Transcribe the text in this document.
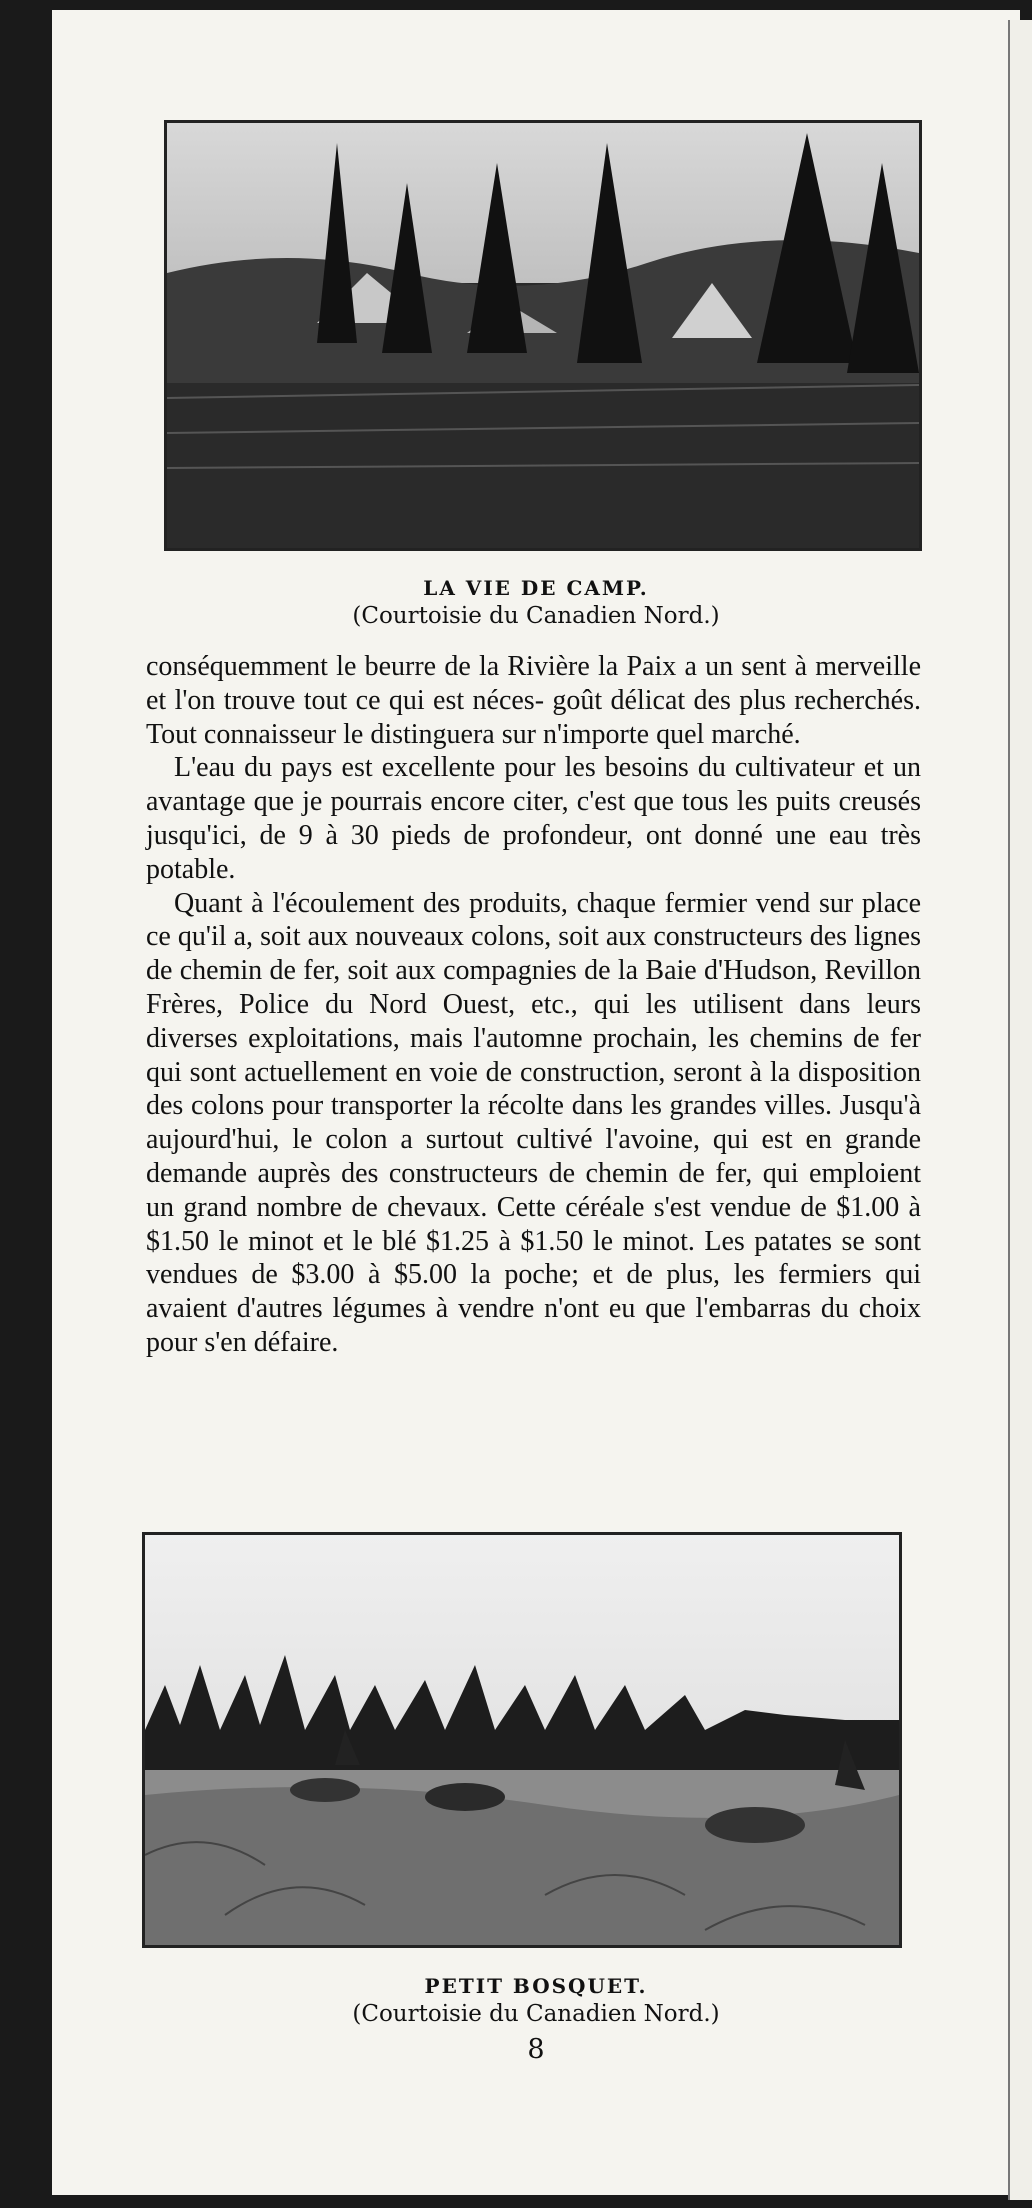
LA VIE DE CAMP.
(Courtoisie du Canadien Nord.)

conséquemment le beurre de la Rivière la Paix a un sent à merveille et l'on trouve tout ce qui est néces- goût délicat des plus recherchés. Tout connaisseur le distinguera sur n'importe quel marché.

L'eau du pays est excellente pour les besoins du cultivateur et un avantage que je pourrais encore citer, c'est que tous les puits creusés jusqu'ici, de 9 à 30 pieds de profondeur, ont donné une eau très potable.

Quant à l'écoulement des produits, chaque fermier vend sur place ce qu'il a, soit aux nouveaux colons, soit aux constructeurs des lignes de chemin de fer, soit aux compagnies de la Baie d'Hudson, Revillon Frères, Police du Nord Ouest, etc., qui les utilisent dans leurs diverses exploitations, mais l'automne prochain, les chemins de fer qui sont actuellement en voie de construction, seront à la disposition des colons pour transporter la récolte dans les grandes villes. Jusqu'à aujourd'hui, le colon a surtout cultivé l'avoine, qui est en grande demande auprès des constructeurs de chemin de fer, qui emploient un grand nombre de chevaux. Cette céréale s'est vendue de $1.00 à $1.50 le minot et le blé $1.25 à $1.50 le minot. Les patates se sont vendues de $3.00 à $5.00 la poche; et de plus, les fermiers qui avaient d'autres légumes à vendre n'ont eu que l'embarras du choix pour s'en défaire.

PETIT BOSQUET.
(Courtoisie du Canadien Nord.)
8
